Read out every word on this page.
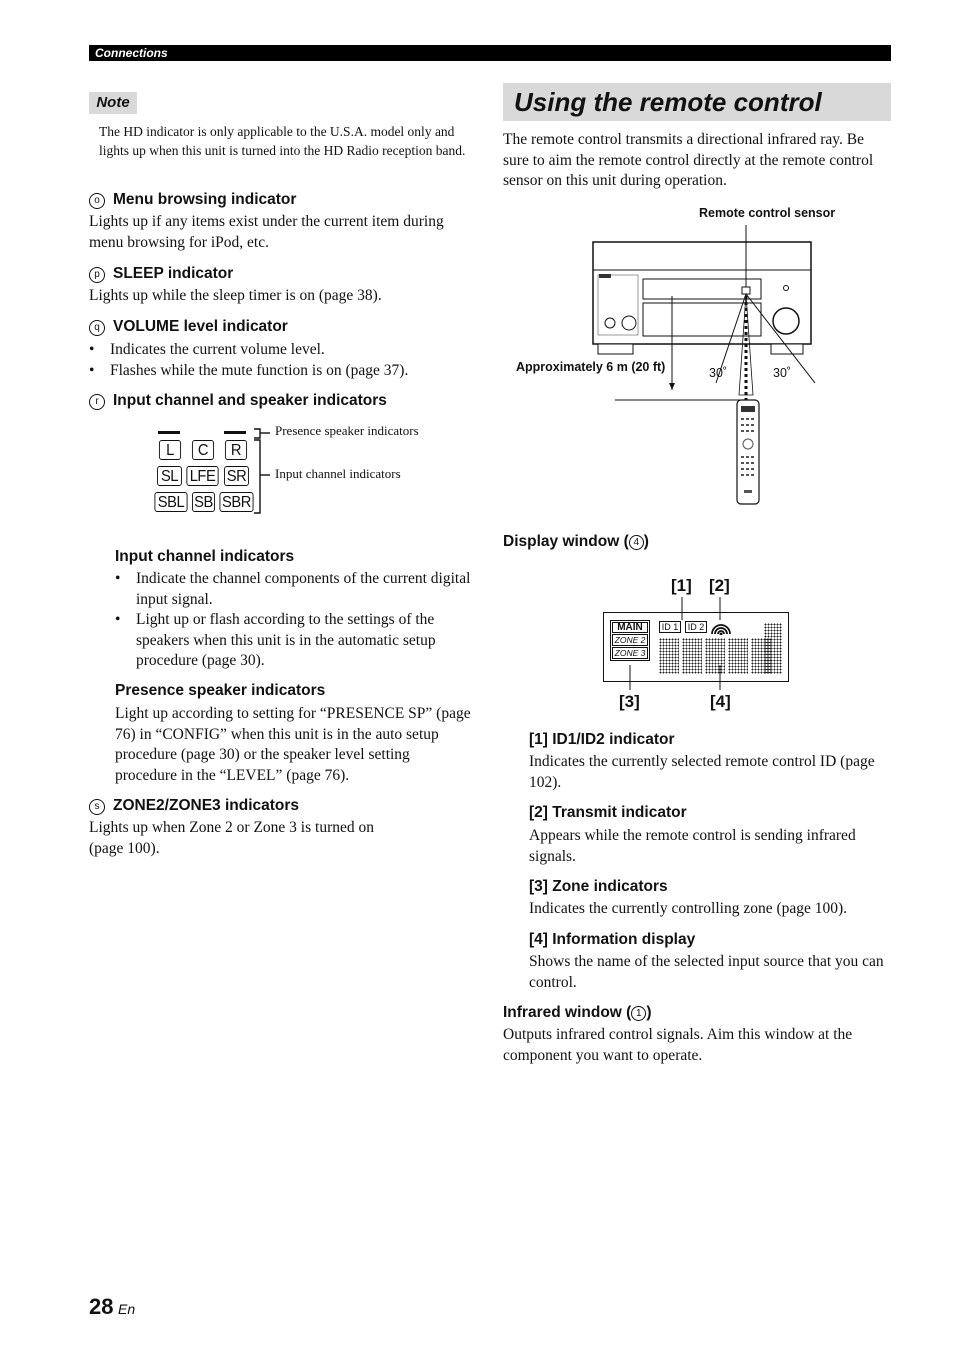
Connections
Note
The HD indicator is only applicable to the U.S.A. model only and lights up when this unit is turned into the HD Radio reception band.
o Menu browsing indicator
Lights up if any items exist under the current item during menu browsing for iPod, etc.
p SLEEP indicator
Lights up while the sleep timer is on (page 38).
q VOLUME level indicator
• Indicates the current volume level.
• Flashes while the mute function is on (page 37).
r Input channel and speaker indicators
L	C	R
SL LFE SR
SBL SB SBR
Presence speaker indicators
Input channel indicators
Input channel indicators
• Indicate the channel components of the current digital input signal.
• Light up or flash according to the settings of the speakers when this unit is in the automatic setup procedure (page 30).
Presence speaker indicators
Light up according to setting for “PRESENCE SP” (page 76) in “CONFIG” when this unit is in the auto setup procedure (page 30) or the speaker level setting procedure in the “LEVEL” (page 76).
s ZONE2/ZONE3 indicators
Lights up when Zone 2 or Zone 3 is turned on (page 100).
Using the remote control
The remote control transmits a directional infrared ray. Be sure to aim the remote control directly at the remote control sensor on this unit during operation.
Remote control sensor
Approximately 6 m (20 ft)	30˚	30˚
Display window ( 4 )
[1] [2]
[3]	[4]
MAIN
ZONE 2
ZONE 3
ID 1	ID 2
[1] ID1/ID2 indicator
Indicates the currently selected remote control ID (page 102).
[2] Transmit indicator
Appears while the remote control is sending infrared signals.
[3] Zone indicators
Indicates the currently controlling zone (page 100).
[4] Information display
Shows the name of the selected input source that you can control.
Infrared window ( 1 )
Outputs infrared control signals. Aim this window at the component you want to operate.
28 En
